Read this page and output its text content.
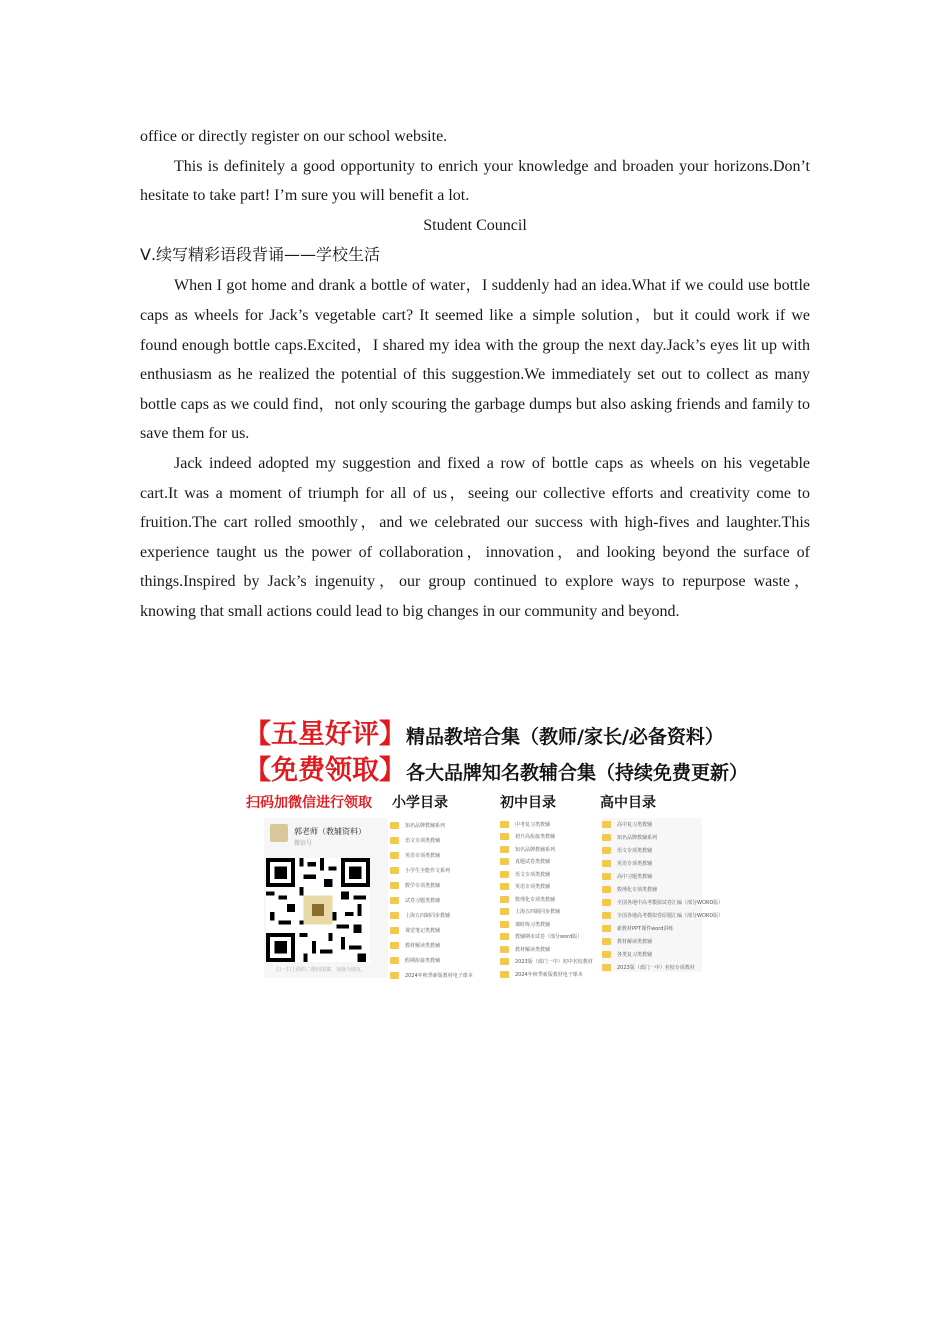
office or directly register on our school website.

This is definitely a good opportunity to enrich your knowledge and broaden your horizons.Don’t hesitate to take part! I’m sure you will benefit a lot.

Student Council

Ⅴ.续写精彩语段背诵——学校生活

When I got home and drank a bottle of water，I suddenly had an idea.What if we could use bottle caps as wheels for Jack’s vegetable cart? It seemed like a simple solution，but it could work if we found enough bottle caps.Excited，I shared my idea with the group the next day.Jack’s eyes lit up with enthusiasm as he realized the potential of this suggestion.We immediately set out to collect as many bottle caps as we could find，not only scouring the garbage dumps but also asking friends and family to save them for us.

Jack indeed adopted my suggestion and fixed a row of bottle caps as wheels on his vegetable cart.It was a moment of triumph for all of us，seeing our collective efforts and creativity come to fruition.The cart rolled smoothly，and we celebrated our success with high-fives and laughter.This experience taught us the power of collaboration，innovation，and looking beyond the surface of things.Inspired by Jack’s ingenuity，our group continued to explore ways to repurpose waste，knowing that small actions could lead to big changes in our community and beyond.

【五星好评】精品教培合集（教师/家长/必备资料）
【免费领取】各大品牌知名教辅合集（持续免费更新）
扫码加微信进行领取 小学目录	初中目录	高中目录
郭老师（教辅资料）
微信号
扫一扫上面的二维码图案，加我为朋友。
知名品牌教辅系列
语文专项类教辅
英语专项类教辅
小学生全能作文系列
数学专项类教辅
试卷习题类教辅
上海五四制同步教辅
课堂笔记类教辅
教材解读类教辅
假期衔接类教辅
2024年秋季新版教材电子课本
中考复习类教辅
初升高衔接类教辅
知名品牌教辅系列
真题试卷类教辅
语文专项类教辅
英语专项类教辅
数理化专项类教辅
上海五四制同步教辅
课时练习类教辅
教辅期末试卷（部分word版）
教材解读类教辅
2023版（部门一中）初中名校教材
2024年秋季新版教材电子课本
高中复习类教辅
知名品牌教辅系列
语文专项类教辅
英语专项类教辅
高中习题类教辅
数理化专项类教辅
全国各地中高考模拟试卷汇编（部分WORD版）
全国各地高考模拟卷原题汇编（部分WORD版）
新教材PPT课件word讲练
教材解读类教辅
各类复习类教辅
2023版（部门一中）名校专项教材
